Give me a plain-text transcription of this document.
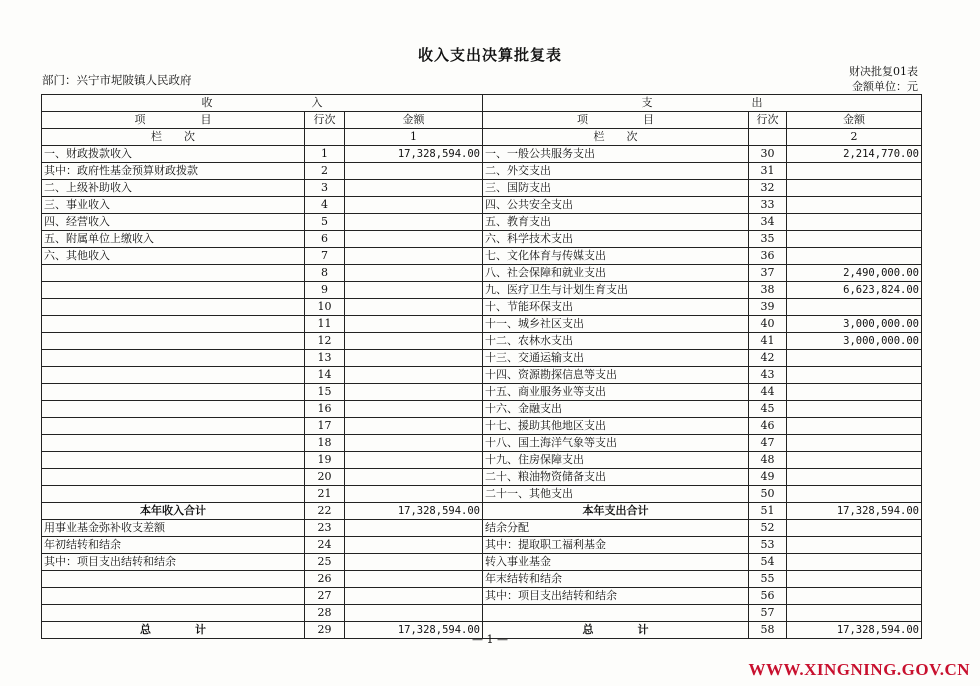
收入支出决算批复表
部门：兴宁市坭陂镇人民政府
财决批复01表
金额单位：元
收　　　　　　　　　入			支　　　　　　　　　出		
项　　　　　目	行次	金额	项　　　　　目	行次	金额
栏　　次		1	栏　　次		2
一、财政拨款收入	1	17,328,594.00	一、一般公共服务支出	30	2,214,770.00
其中：政府性基金预算财政拨款	2		二、外交支出	31	
二、上级补助收入	3		三、国防支出	32	
三、事业收入	4		四、公共安全支出	33	
四、经营收入	5		五、教育支出	34	
五、附属单位上缴收入	6		六、科学技术支出	35	
六、其他收入	7		七、文化体育与传媒支出	36	
	8		八、社会保障和就业支出	37	2,490,000.00
	9		九、医疗卫生与计划生育支出	38	6,623,824.00
	10		十、节能环保支出	39	
	11		十一、城乡社区支出	40	3,000,000.00
	12		十二、农林水支出	41	3,000,000.00
	13		十三、交通运输支出	42	
	14		十四、资源勘探信息等支出	43	
	15		十五、商业服务业等支出	44	
	16		十六、金融支出	45	
	17		十七、援助其他地区支出	46	
	18		十八、国土海洋气象等支出	47	
	19		十九、住房保障支出	48	
	20		二十、粮油物资储备支出	49	
	21		二十一、其他支出	50	
本年收入合计	22	17,328,594.00	本年支出合计	51	17,328,594.00
用事业基金弥补收支差额	23		结余分配	52	
年初结转和结余	24		其中：提取职工福利基金	53	
其中：项目支出结转和结余	25		转入事业基金	54	
	26		年末结转和结余	55	
	27		其中：项目支出结转和结余	56	
	28			57	
总　　　　计	29	17,328,594.00	总　　　　计	58	17,328,594.00
— 1 —
WWW.XINGNING.GOV.CN
